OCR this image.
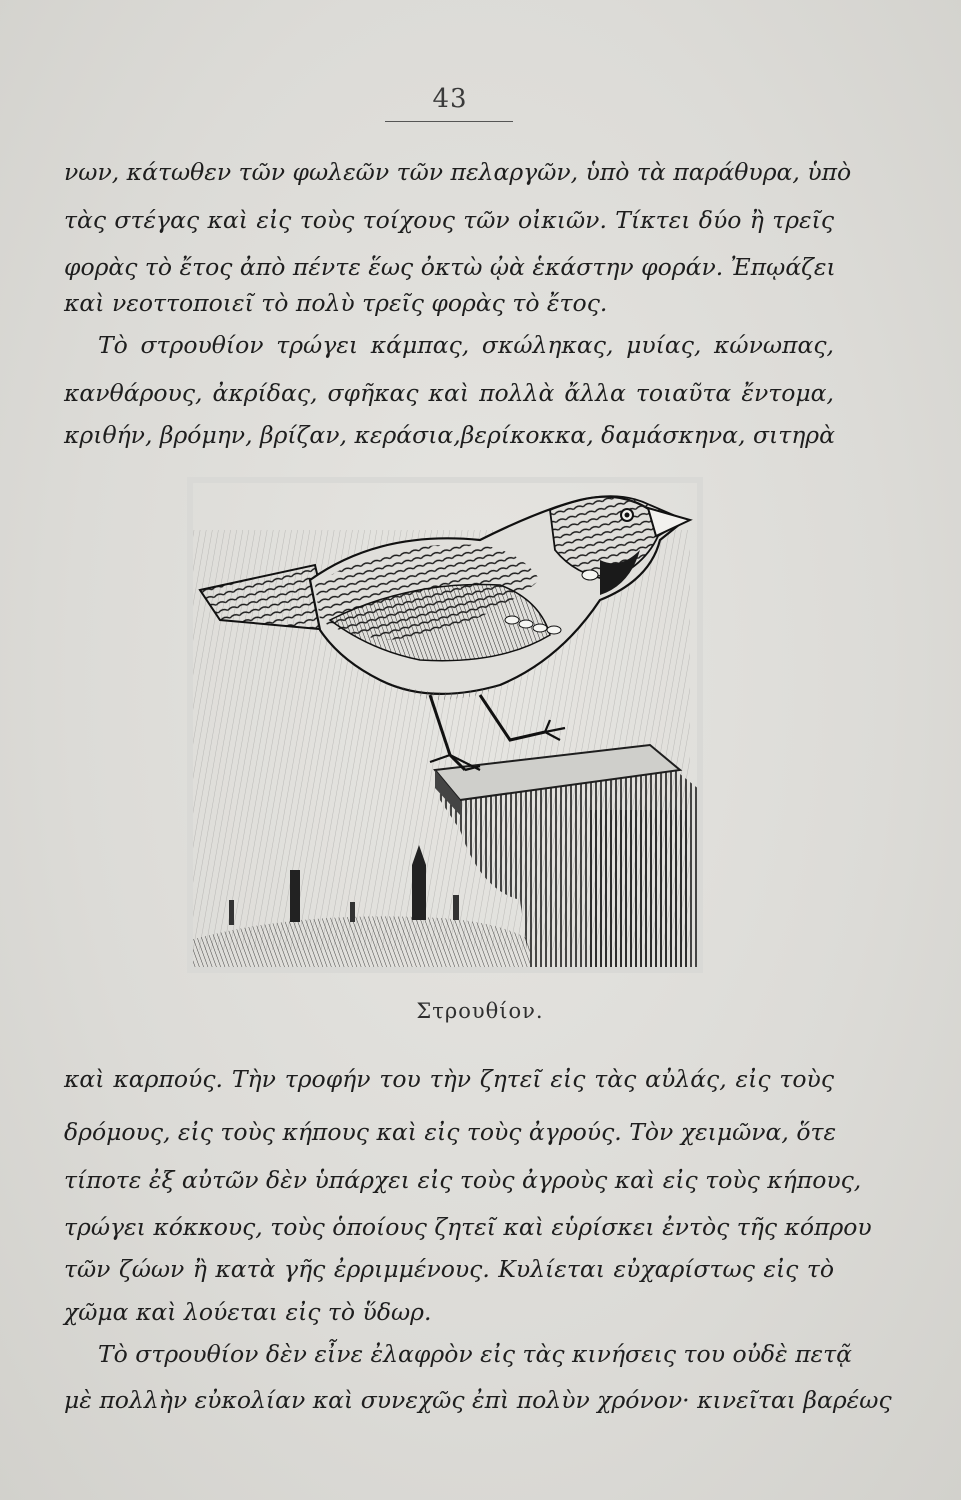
43
νων, κάτωθεν τῶν φωλεῶν τῶν πελαργῶν, ὑπὸ τὰ παράθυρα, ὑπὸ
τὰς στέγας καὶ εἰς τοὺς τοίχους τῶν οἰκιῶν. Τίκτει δύο ἢ τρεῖς
φορὰς τὸ ἔτος ἀπὸ πέντε ἕως ὀκτὼ ᾠὰ ἑκάστην φοράν. Ἐπῳάζει
καὶ νεοττοποιεῖ τὸ πολὺ τρεῖς φορὰς τὸ ἔτος.
Τὸ στρουθίον τρώγει κάμπας, σκώληκας, μυίας, κώνωπας,
κανθάρους, ἀκρίδας, σφῆκας καὶ πολλὰ ἄλλα τοιαῦτα ἔντομα,
κριθήν, βρόμην, βρίζαν, κεράσια,βερίκοκκα, δαμάσκηνα, σιτηρὰ
Στρουθίον.
καὶ καρπούς. Τὴν τροφήν του τὴν ζητεῖ εἰς τὰς αὐλάς, εἰς τοὺς
δρόμους, εἰς τοὺς κήπους καὶ εἰς τοὺς ἀγρούς. Τὸν χειμῶνα, ὅτε
τίποτε ἐξ αὐτῶν δὲν ὑπάρχει εἰς τοὺς ἀγροὺς καὶ εἰς τοὺς κήπους,
τρώγει κόκκους, τοὺς ὁποίους ζητεῖ καὶ εὑρίσκει ἐντὸς τῆς κόπρου
τῶν ζώων ἢ κατὰ γῆς ἐρριμμένους. Κυλίεται εὐχαρίστως εἰς τὸ
χῶμα καὶ λούεται εἰς τὸ ὕδωρ.
Τὸ στρουθίον δὲν εἶνε ἐλαφρὸν εἰς τὰς κινήσεις του οὐδὲ πετᾷ
μὲ πολλὴν εὐκολίαν καὶ συνεχῶς ἐπὶ πολὺν χρόνον· κινεῖται βαρέως
